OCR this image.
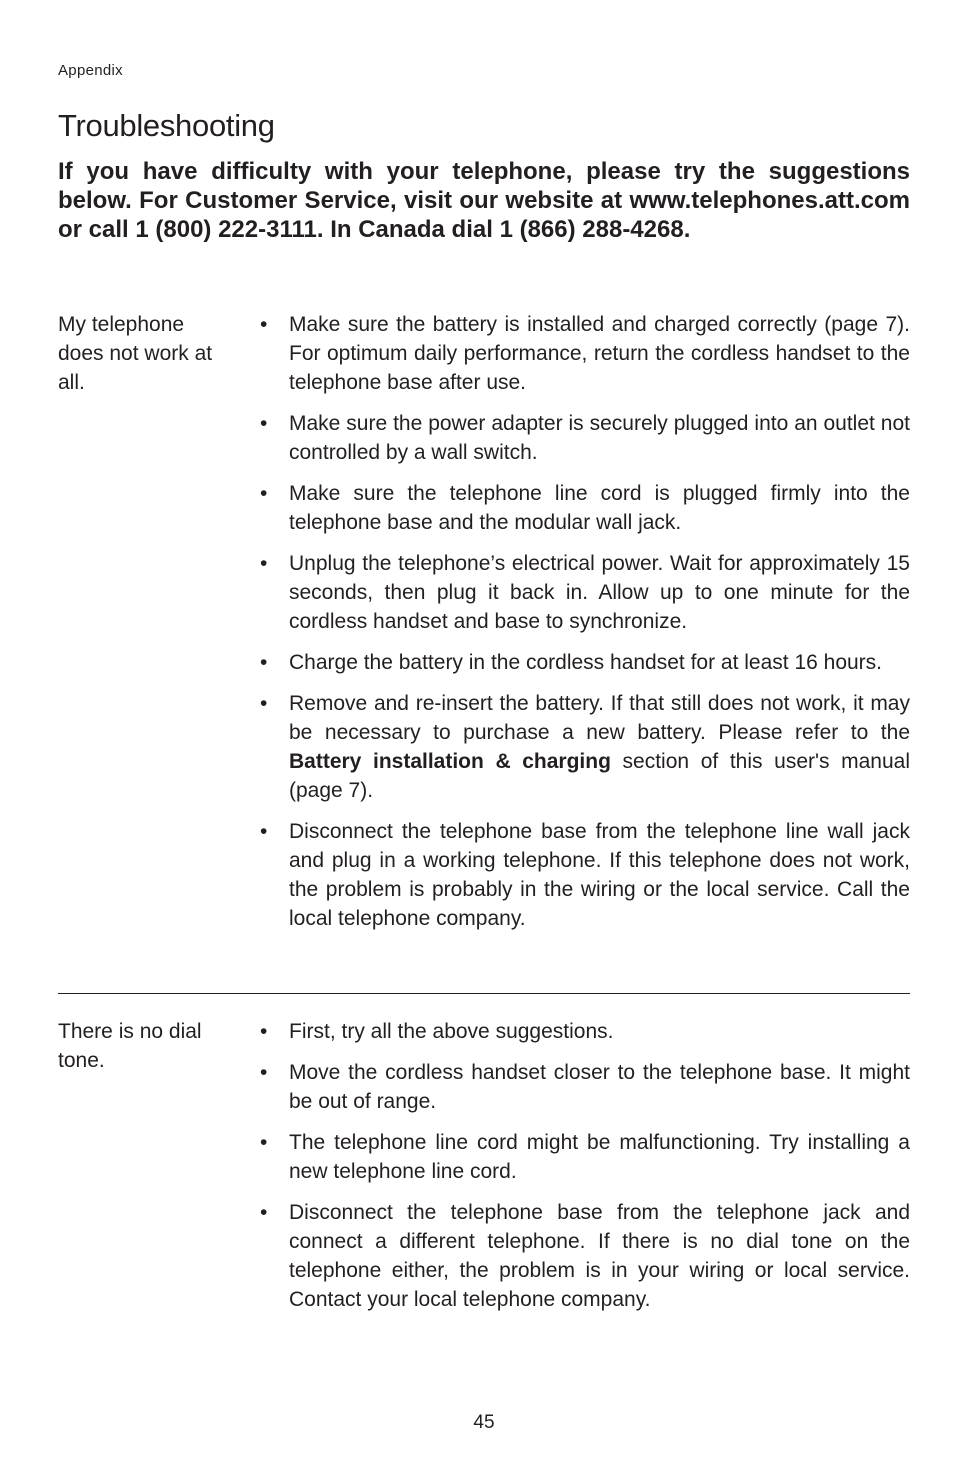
Appendix
Troubleshooting

If you have difficulty with your telephone, please try the suggestions below. For Customer Service, visit our website at www.telephones.att.com or call 1 (800) 222-3111. In Canada dial 1 (866) 288-4268.

My telephone does not work at all.
• Make sure the battery is installed and charged correctly (page 7). For optimum daily performance, return the cordless handset to the telephone base after use.
• Make sure the power adapter is securely plugged into an outlet not controlled by a wall switch.
• Make sure the telephone line cord is plugged firmly into the telephone base and the modular wall jack.
• Unplug the telephone’s electrical power. Wait for approximately 15 seconds, then plug it back in. Allow up to one minute for the cordless handset and base to synchronize.
• Charge the battery in the cordless handset for at least 16 hours.
• Remove and re-insert the battery. If that still does not work, it may be necessary to purchase a new battery. Please refer to the Battery installation & charging section of this user's manual (page 7).
• Disconnect the telephone base from the telephone line wall jack and plug in a working telephone. If this telephone does not work, the problem is probably in the wiring or the local service. Call the local telephone company.
There is no dial tone.
• First, try all the above suggestions.
• Move the cordless handset closer to the telephone base. It might be out of range.
• The telephone line cord might be malfunctioning. Try installing a new telephone line cord.
• Disconnect the telephone base from the telephone jack and connect a different telephone. If there is no dial tone on the telephone either, the problem is in your wiring or local service. Contact your local telephone company.
45
